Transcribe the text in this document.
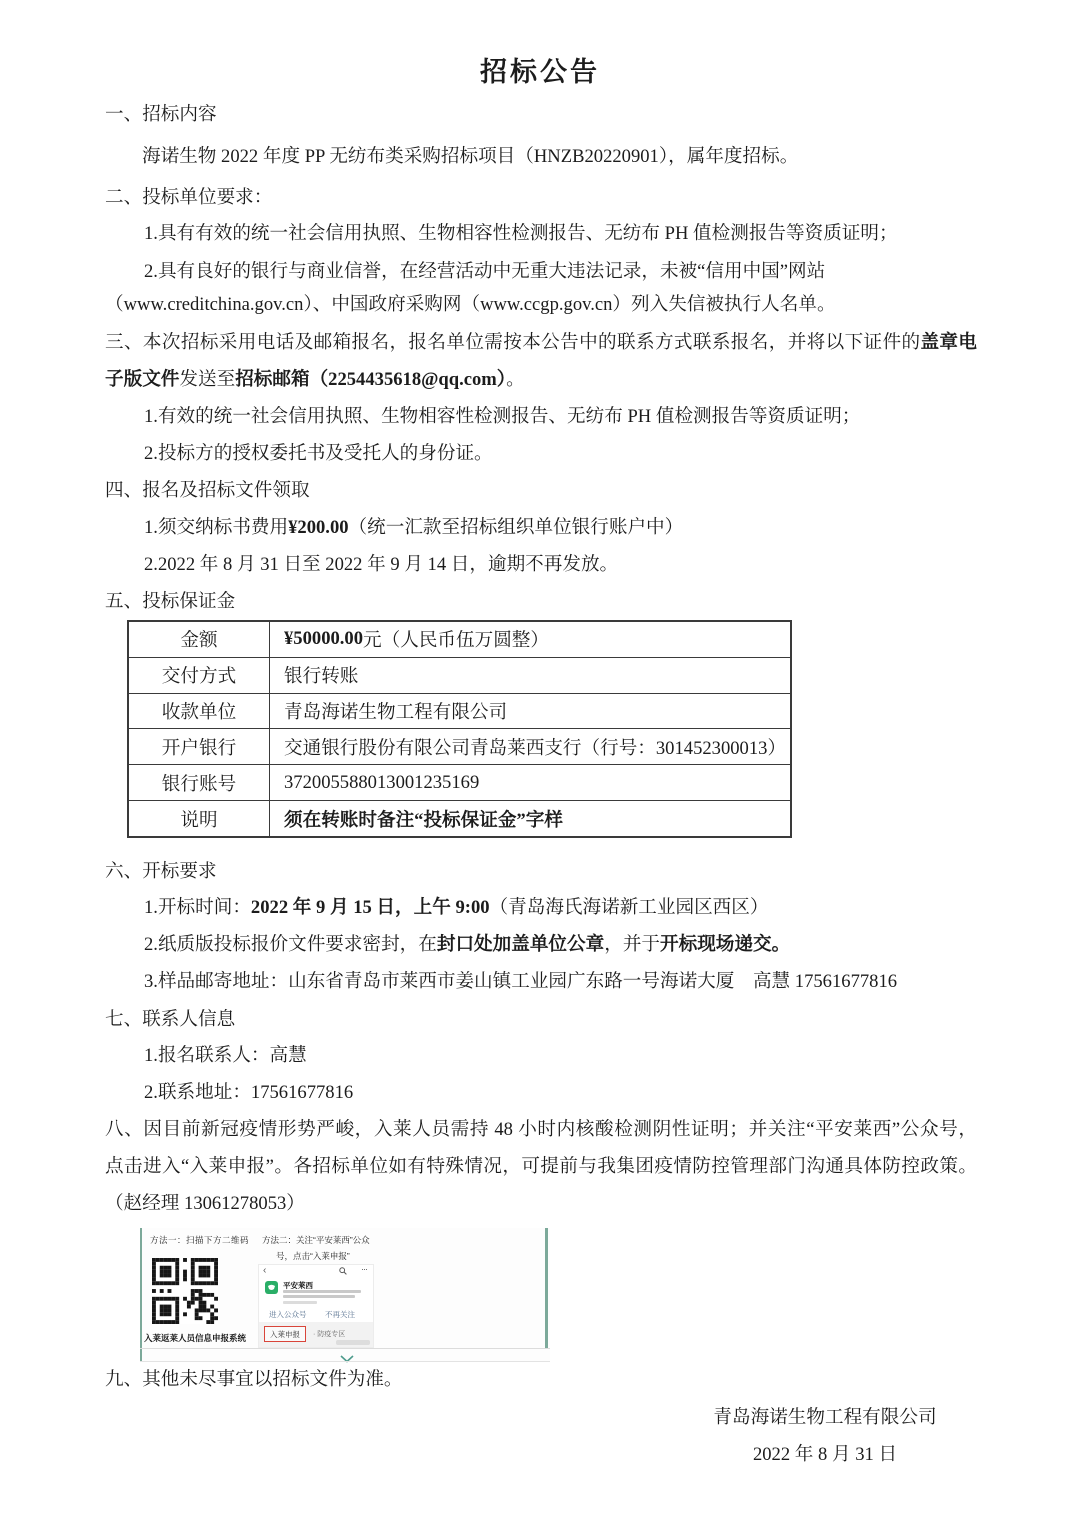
招标公告
一、招标内容
海诺生物 2022 年度 PP 无纺布类采购招标项目（HNZB20220901），属年度招标。
二、投标单位要求：
1.具有有效的统一社会信用执照、生物相容性检测报告、无纺布 PH 值检测报告等资质证明；
2.具有良好的银行与商业信誉，在经营活动中无重大违法记录，未被“信用中国”网站
（www.creditchina.gov.cn）、中国政府采购网（www.ccgp.gov.cn）列入失信被执行人名单。
三、本次招标采用电话及邮箱报名，报名单位需按本公告中的联系方式联系报名，并将以下证件的盖章电
子版文件发送至招标邮箱（2254435618@qq.com）。
1.有效的统一社会信用执照、生物相容性检测报告、无纺布 PH 值检测报告等资质证明；
2.投标方的授权委托书及受托人的身份证。
四、报名及招标文件领取
1.须交纳标书费用¥200.00（统一汇款至招标组织单位银行账户中）
2.2022 年 8 月 31 日至 2022 年 9 月 14 日，逾期不再发放。
五、投标保证金
金额	¥50000.00 元（人民币伍万圆整）
交付方式	银行转账
收款单位	青岛海诺生物工程有限公司
开户银行	交通银行股份有限公司青岛莱西支行（行号：301452300013）
银行账号	372005588013001235169
说明	须在转账时备注“投标保证金”字样
六、开标要求
1.开标时间：2022 年 9 月 15 日，上午 9:00（青岛海氏海诺新工业园区西区）
2.纸质版投标报价文件要求密封，在封口处加盖单位公章，并于开标现场递交。
3.样品邮寄地址：山东省青岛市莱西市姜山镇工业园广东路一号海诺大厦　高慧 17561677816
七、联系人信息
1.报名联系人：高慧
2.联系地址：17561677816
八、因目前新冠疫情形势严峻，入莱人员需持 48 小时内核酸检测阴性证明；并关注“平安莱西”公众号，
点击进入“入莱申报”。各招标单位如有特殊情况，可提前与我集团疫情防控管理部门沟通具体防控政策。
（赵经理 13061278053）
方法一：扫描下方二维码
入莱返莱人员信息申报系统
方法二：关注“平安莱西”公众
号，点击“入莱申报”
‹	···
平安莱西
进入公众号 不再关注
入莱申报	· 防疫专区
九、其他未尽事宜以招标文件为准。
青岛海诺生物工程有限公司
2022 年 8 月 31 日
